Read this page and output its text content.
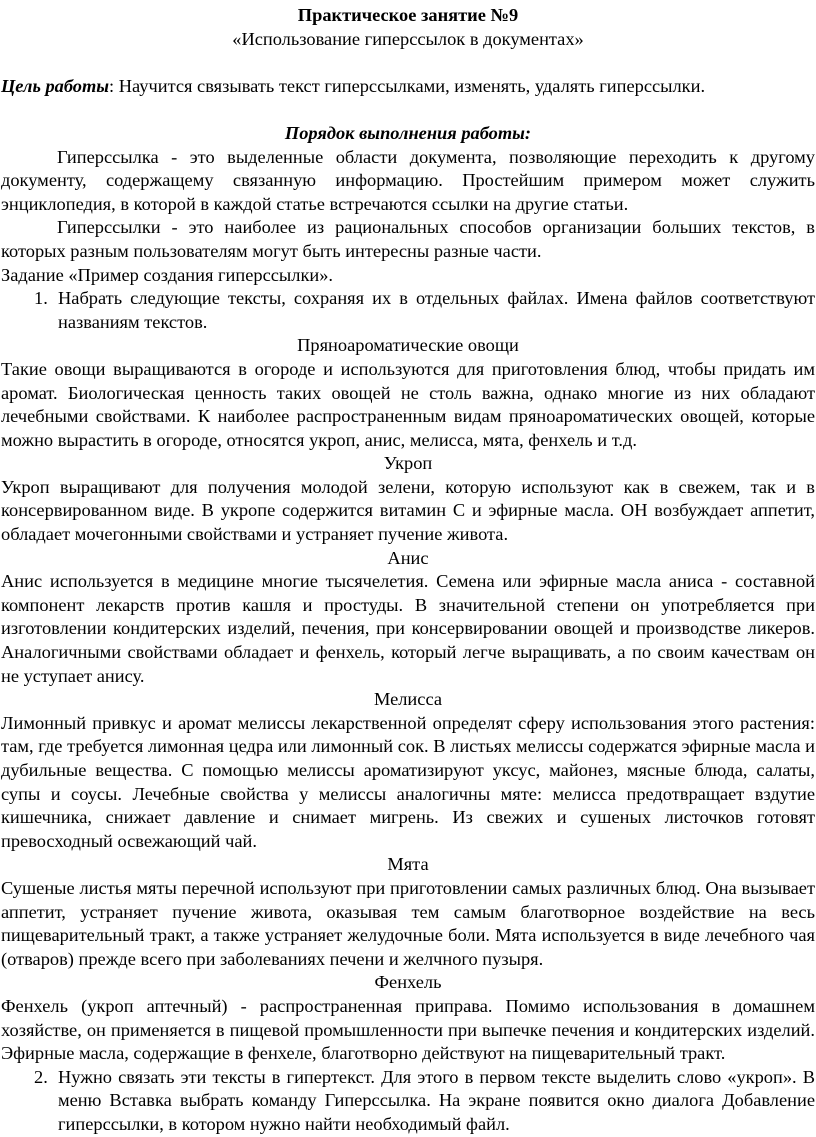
Практическое занятие №9

«Использование гиперссылок в документах»

Цель работы: Научится связывать текст гиперссылками, изменять, удалять гиперссылки.

Порядок выполнения работы:

Гиперссылка - это выделенные области документа, позволяющие переходить к другому документу, содержащему связанную информацию. Простейшим примером может служить энциклопедия, в которой в каждой статье встречаются ссылки на другие статьи.

Гиперссылки - это наиболее из рациональных способов организации больших текстов, в которых разным пользователям могут быть интересны разные части.

Задание «Пример создания гиперссылки».

1. Набрать следующие тексты, сохраняя их в отдельных файлах. Имена файлов соответствуют названиям текстов.

Пряноароматические овощи

Такие овощи выращиваются в огороде и используются для приготовления блюд, чтобы придать им аромат. Биологическая ценность таких овощей не столь важна, однако многие из них обладают лечебными свойствами. К наиболее распространенным видам пряноароматических овощей, которые можно вырастить в огороде, относятся укроп, анис, мелисса, мята, фенхель и т.д.

Укроп

Укроп выращивают для получения молодой зелени, которую используют как в свежем, так и в консервированном виде. В укропе содержится витамин С и эфирные масла. ОН возбуждает аппетит, обладает мочегонными свойствами и устраняет пучение живота.

Анис

Анис используется в медицине многие тысячелетия. Семена или эфирные масла аниса - составной компонент лекарств против кашля и простуды. В значительной степени он употребляется при изготовлении кондитерских изделий, печения, при консервировании овощей и производстве ликеров. Аналогичными свойствами обладает и фенхель, который легче выращивать, а по своим качествам он не уступает анису.

Мелисса

Лимонный привкус и аромат мелиссы лекарственной определят сферу использования этого растения: там, где требуется лимонная цедра или лимонный сок. В листьях мелиссы содержатся эфирные масла и дубильные вещества. С помощью мелиссы ароматизируют уксус, майонез, мясные блюда, салаты, супы и соусы. Лечебные свойства у мелиссы аналогичны мяте: мелисса предотвращает вздутие кишечника, снижает давление и снимает мигрень. Из свежих и сушеных листочков готовят превосходный освежающий чай.

Мята

Сушеные листья мяты перечной используют при приготовлении самых различных блюд. Она вызывает аппетит, устраняет пучение живота, оказывая тем самым благотворное воздействие на весь пищеварительный тракт, а также устраняет желудочные боли. Мята используется в виде лечебного чая (отваров) прежде всего при заболеваниях печени и желчного пузыря.

Фенхель

Фенхель (укроп аптечный) - распространенная приправа. Помимо использования в домашнем хозяйстве, он применяется в пищевой промышленности при выпечке печения и кондитерских изделий. Эфирные масла, содержащие в фенхеле, благотворно действуют на пищеварительный тракт.

2. Нужно связать эти тексты в гипертекст. Для этого в первом тексте выделить слово «укроп». В меню Вставка выбрать команду Гиперссылка. На экране появится окно диалога Добавление гиперссылки, в котором нужно найти необходимый файл.
